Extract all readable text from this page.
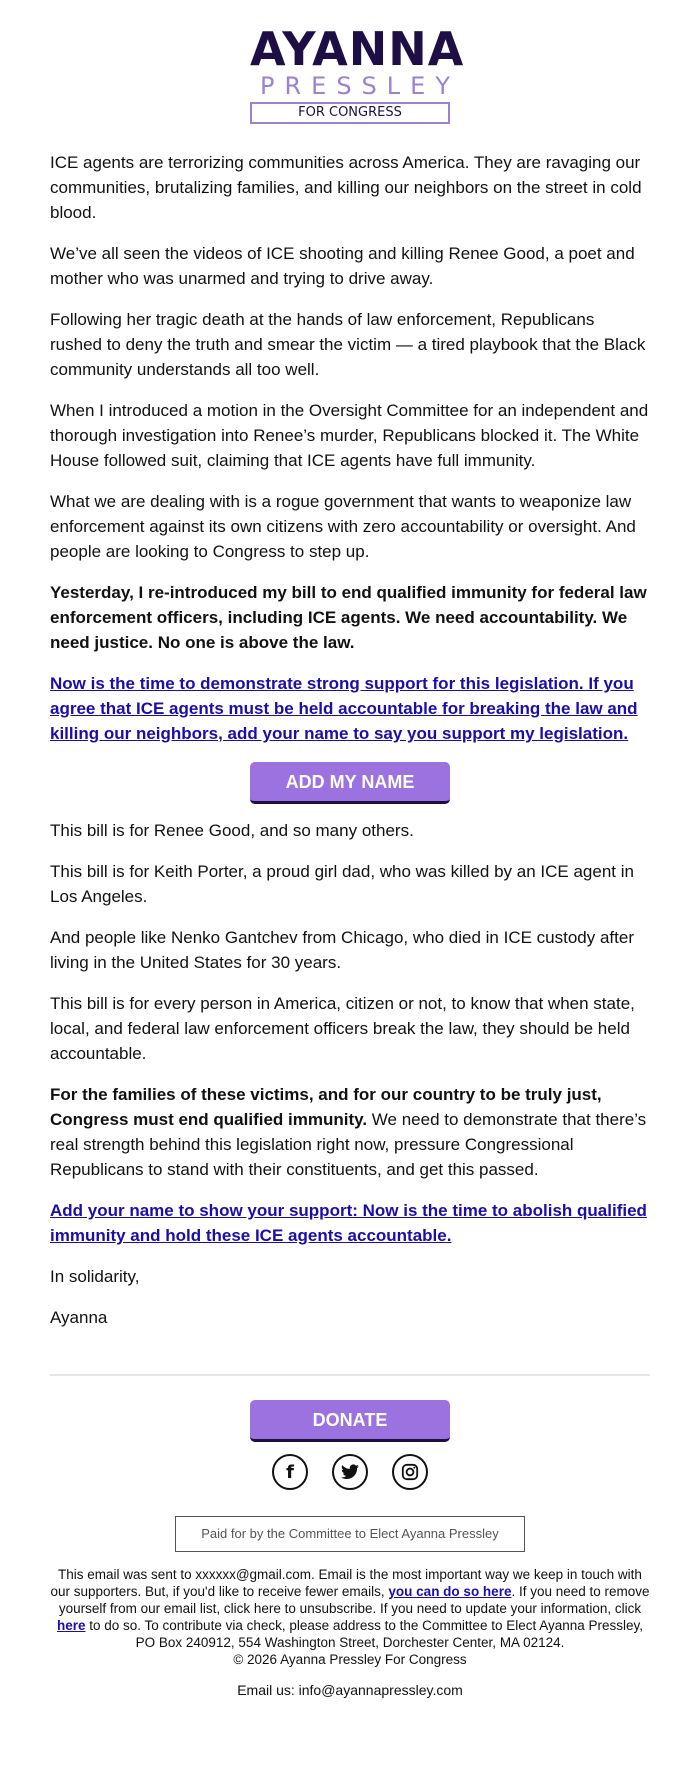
AYANNA
PRESSLEY
FOR CONGRESS

ICE agents are terrorizing communities across America. They are ravaging our communities, brutalizing families, and killing our neighbors on the street in cold blood.

We’ve all seen the videos of ICE shooting and killing Renee Good, a poet and mother who was unarmed and trying to drive away.

Following her tragic death at the hands of law enforcement, Republicans rushed to deny the truth and smear the victim — a tired playbook that the Black community understands all too well.

When I introduced a motion in the Oversight Committee for an independent and thorough investigation into Renee’s murder, Republicans blocked it. The White House followed suit, claiming that ICE agents have full immunity.

What we are dealing with is a rogue government that wants to weaponize law enforcement against its own citizens with zero accountability or oversight. And people are looking to Congress to step up.

Yesterday, I re-introduced my bill to end qualified immunity for federal law enforcement officers, including ICE agents. We need accountability. We need justice. No one is above the law.

Now is the time to demonstrate strong support for this legislation. If you agree that ICE agents must be held accountable for breaking the law and killing our neighbors, add your name to say you support my legislation.

ADD MY NAME

This bill is for Renee Good, and so many others.

This bill is for Keith Porter, a proud girl dad, who was killed by an ICE agent in Los Angeles.

And people like Nenko Gantchev from Chicago, who died in ICE custody after living in the United States for 30 years.

This bill is for every person in America, citizen or not, to know that when state, local, and federal law enforcement officers break the law, they should be held accountable.

For the families of these victims, and for our country to be truly just, Congress must end qualified immunity. We need to demonstrate that there’s real strength behind this legislation right now, pressure Congressional Republicans to stand with their constituents, and get this passed.

Add your name to show your support: Now is the time to abolish qualified immunity and hold these ICE agents accountable.

In solidarity,

Ayanna

DONATE
f
Paid for by the Committee to Elect Ayanna Pressley
This email was sent to xxxxxx@gmail.com. Email is the most important way we keep in touch with our supporters. But, if you'd like to receive fewer emails, you can do so here. If you need to remove yourself from our email list, click here to unsubscribe. If you need to update your information, click here to do so. To contribute via check, please address to the Committee to Elect Ayanna Pressley, PO Box 240912, 554 Washington Street, Dorchester Center, MA 02124.
© 2026 Ayanna Pressley For Congress
Email us: info@ayannapressley.com
